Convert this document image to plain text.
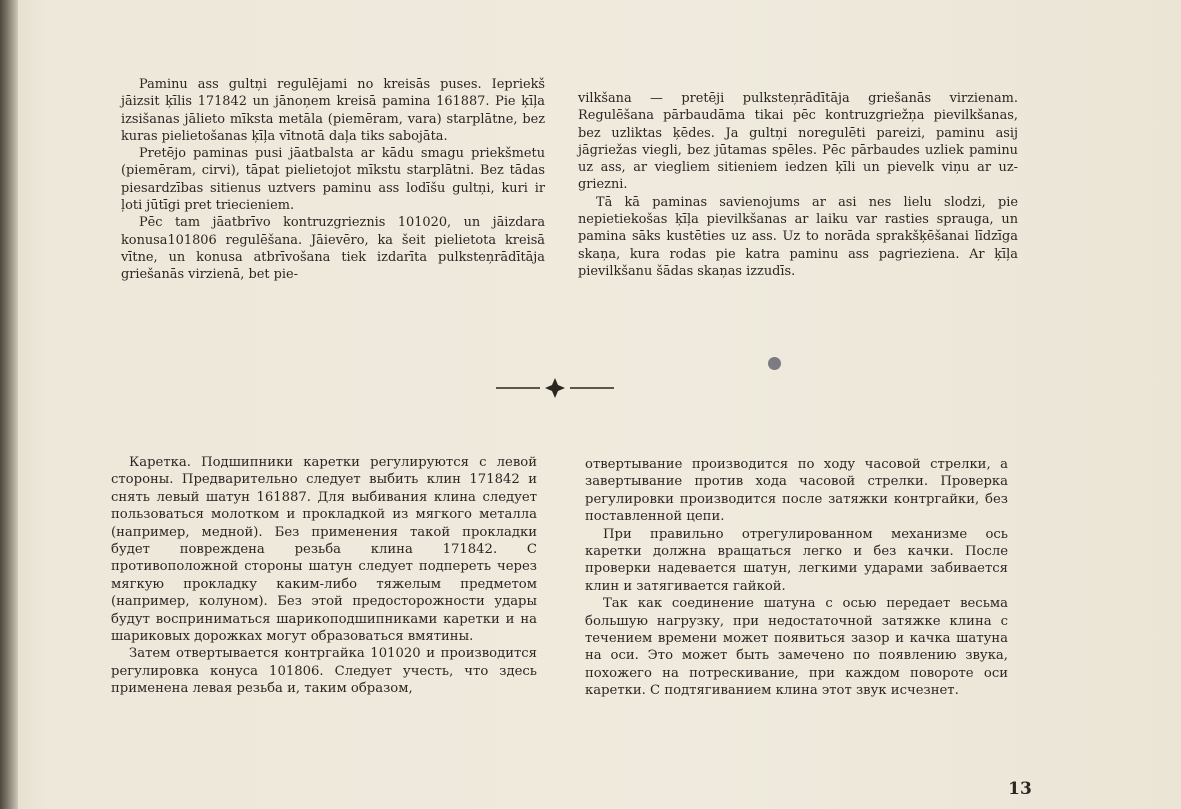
Paminu ass gultņi regulējami no kreisās puses. Iepriekš jāizsit ķīlis 171842 un jānoņem kreisā pamina 161887. Pie ķīļa izsišanas jālieto mīksta metāla (piemēram, vara) starplātne, bez kuras pielietošanas ķīļa vītnotā daļa tiks sabojāta.

Pretējo paminas pusi jāatbalsta ar kādu smagu priekšmetu (piemēram, cirvi), tāpat pielietojot mīkstu starplātni. Bez tādas piesardzības sitienus uztvers paminu ass lodīšu gultņi, kuri ir ļoti jūtīgi pret triecieniem.

Pēc tam jāatbrīvo kontruzgrieznis 101020, un jāizdara konusa101806 regulēšana. Jāievēro, ka šeit pielietota kreisā vītne, un konusa atbrīvošana tiek izdarīta pulksteņrādītāja griešanās virzienā, bet pie-

vilkšana — pretēji pulksteņrādītāja griešanās virzienam. Regulēšana pārbaudāma tikai pēc kontruzgriežņa pievilkšanas, bez uzliktas ķēdes. Ja gultņi noregulēti pareizi, paminu asij jāgriežas viegli, bez jūtamas spēles. Pēc pārbaudes uzliek paminu uz ass, ar viegliem sitieniem iedzen ķīli un pievelk viņu ar uzgriezni.

Tā kā paminas savienojums ar asi nes lielu slodzi, pie nepietiekošas ķīļa pievilkšanas ar laiku var rasties sprauga, un pamina sāks kustēties uz ass. Uz to norāda sprakšķēšanai līdzīga skaņa, kura rodas pie katra paminu ass pagrieziena. Ar ķīļa pievilkšanu šādas skaņas izzudīs.

Каретка. Подшипники каретки регулируются с левой стороны. Предварительно следует выбить клин 171842 и снять левый шатун 161887. Для выбивания клина следует пользоваться молотком и прокладкой из мягкого металла (например, медной). Без применения такой прокладки будет повреждена резьба клина 171842. С противоположной стороны шатун следует подпереть через мягкую прокладку каким-либо тяжелым предметом (например, колуном). Без этой предосторожности удары будут восприниматься шарикоподшипниками каретки и на шариковых дорожках могут образоваться вмятины.

Затем отвертывается контргайка 101020 и производится регулировка конуса 101806. Следует учесть, что здесь применена левая резьба и, таким образом,

отвертывание производится по ходу часовой стрелки, а завертывание против хода часовой стрелки. Проверка регулировки производится после затяжки контргайки, без поставленной цепи.

При правильно отрегулированном механизме ось каретки должна вращаться легко и без качки. После проверки надевается шатун, легкими ударами забивается клин и затягивается гайкой.

Так как соединение шатуна с осью передает весьма большую нагрузку, при недостаточной затяжке клина с течением времени может появиться зазор и качка шатуна на оси. Это может быть замечено по появлению звука, похожего на потрескивание, при каждом повороте оси каретки. С подтягиванием клина этот звук исчезнет.

13
